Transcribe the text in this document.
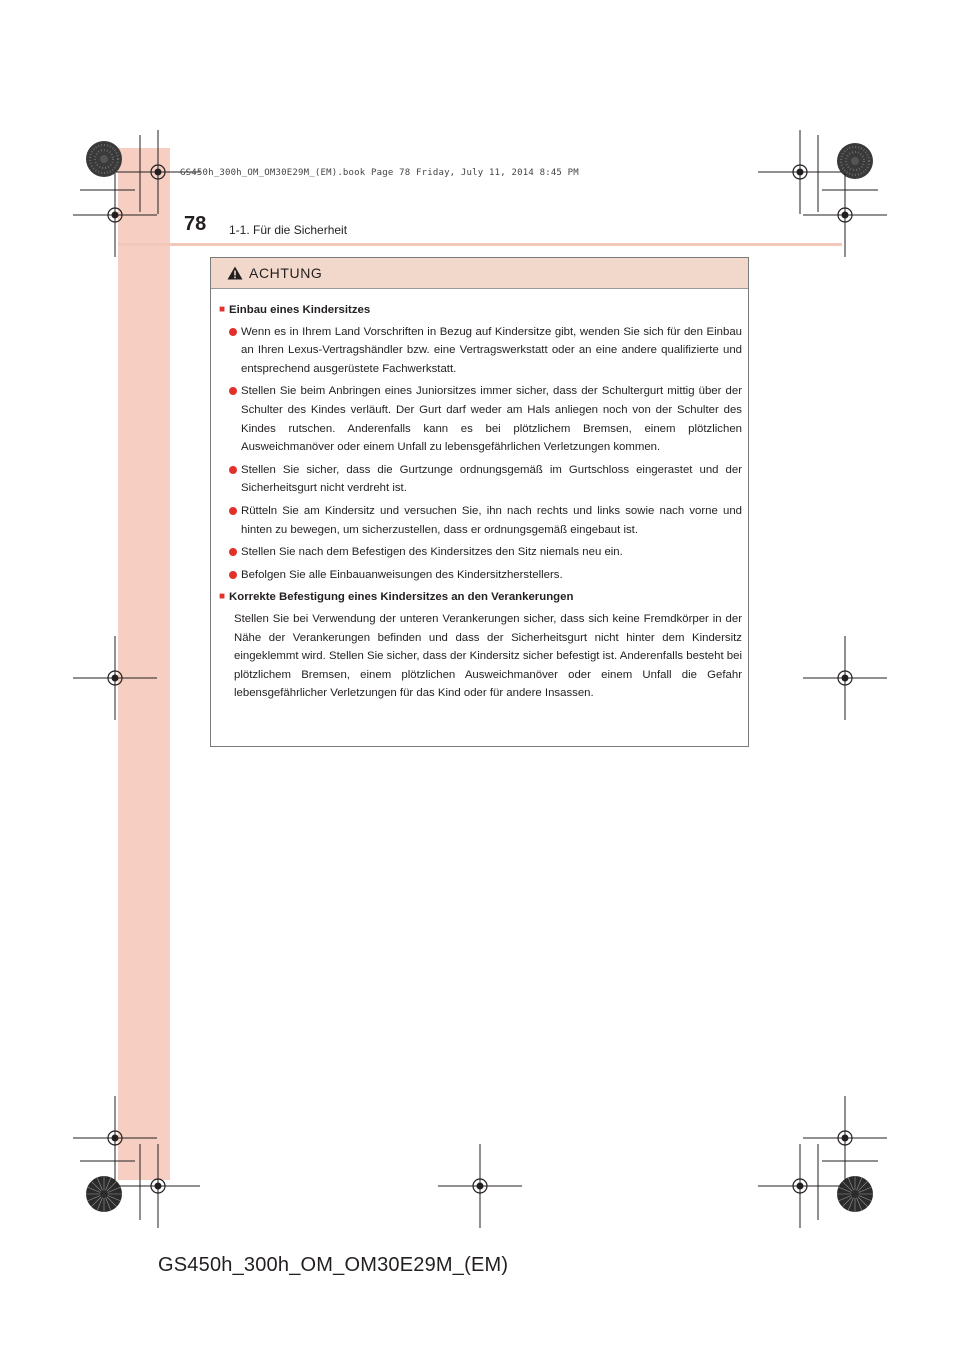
GS450h_300h_OM_OM30E29M_(EM).book Page 78 Friday, July 11, 2014 8:45 PM
78 1-1. Für die Sicherheit
ACHTUNG
■ Einbau eines Kindersitzes
Wenn es in Ihrem Land Vorschriften in Bezug auf Kindersitze gibt, wenden Sie sich für den Einbau an Ihren Lexus-Vertragshändler bzw. eine Vertragswerkstatt oder an eine andere qualifizierte und entsprechend ausgerüstete Fachwerkstatt.
Stellen Sie beim Anbringen eines Juniorsitzes immer sicher, dass der Schultergurt mittig über der Schulter des Kindes verläuft. Der Gurt darf weder am Hals anliegen noch von der Schulter des Kindes rutschen. Anderenfalls kann es bei plötzlichem Bremsen, einem plötzlichen Ausweichmanöver oder einem Unfall zu lebensgefährlichen Verletzungen kommen.
Stellen Sie sicher, dass die Gurtzunge ordnungsgemäß im Gurtschloss eingerastet und der Sicherheitsgurt nicht verdreht ist.
Rütteln Sie am Kindersitz und versuchen Sie, ihn nach rechts und links sowie nach vorne und hinten zu bewegen, um sicherzustellen, dass er ordnungsgemäß eingebaut ist.
Stellen Sie nach dem Befestigen des Kindersitzes den Sitz niemals neu ein.
Befolgen Sie alle Einbauanweisungen des Kindersitzherstellers.
■ Korrekte Befestigung eines Kindersitzes an den Verankerungen
Stellen Sie bei Verwendung der unteren Verankerungen sicher, dass sich keine Fremdkörper in der Nähe der Verankerungen befinden und dass der Sicherheitsgurt nicht hinter dem Kindersitz eingeklemmt wird. Stellen Sie sicher, dass der Kindersitz sicher befestigt ist. Anderenfalls besteht bei plötzlichem Bremsen, einem plötzlichen Ausweichmanöver oder einem Unfall die Gefahr lebensgefährlicher Verletzungen für das Kind oder für andere Insassen.
GS450h_300h_OM_OM30E29M_(EM)
